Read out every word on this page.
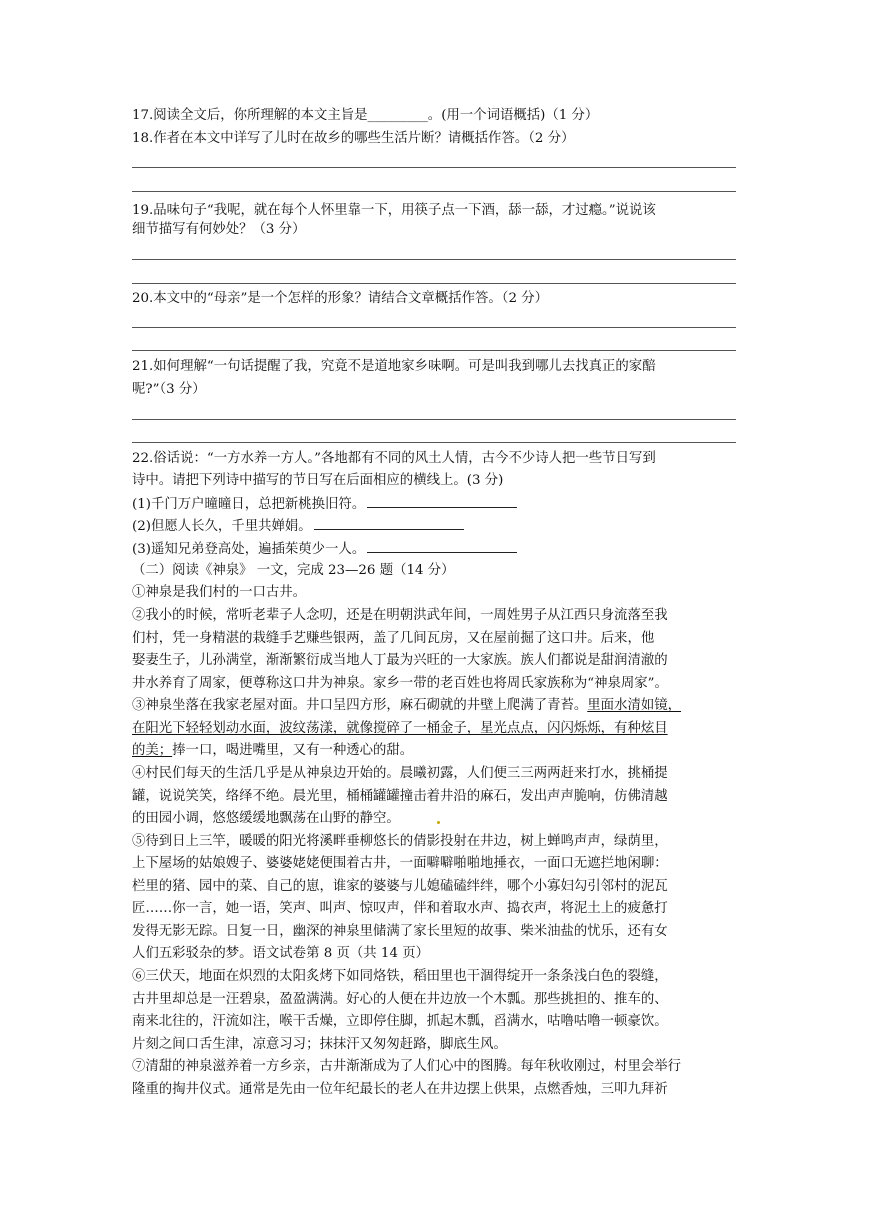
17.阅读全文后，你所理解的本文主旨是_________。(用一个词语概括)（1 分）
18.作者在本文中详写了儿时在故乡的哪些生活片断？请概括作答。（2 分）
19.品味句子“我呢，就在每个人怀里靠一下，用筷子点一下酒，舔一舔，才过瘾。”说说该
细节描写有何妙处？（3 分）
20.本文中的“母亲”是一个怎样的形象？请结合文章概括作答。（2 分）
21.如何理解“一句话提醒了我，究竟不是道地家乡味啊。可是叫我到哪儿去找真正的家醅
呢?”（3 分）
22.俗话说：“一方水养一方人。”各地都有不同的风土人情，古今不少诗人把一些节日写到
诗中。请把下列诗中描写的节日写在后面相应的横线上。(3 分)
(1)千门万户曈曈日，总把新桃换旧符。
(2)但愿人长久，千里共婵娟。
(3)遥知兄弟登高处，遍插茱萸少一人。
（二）阅读《神泉》 一文，完成 23—26 题（14 分）
①神泉是我们村的一口古井。
②我小的时候，常听老辈子人念叨，还是在明朝洪武年间，一周姓男子从江西只身流落至我
们村，凭一身精湛的栽缝手艺赚些银两，盖了几间瓦房，又在屋前掘了这口井。后来，他
娶妻生子，儿孙满堂，渐渐繁衍成当地人丁最为兴旺的一大家族。族人们都说是甜润清澈的
井水养育了周家，便尊称这口井为神泉。家乡一带的老百姓也将周氏家族称为“神泉周家”。
③神泉坐落在我家老屋对面。井口呈四方形，麻石砌就的井壁上爬满了青苔。里面水清如镜，
在阳光下轻轻划动水面，波纹荡漾，就像搅碎了一桶金子，星光点点，闪闪烁烁，有种炫目
的美；捧一口，喝进嘴里，又有一种透心的甜。
④村民们每天的生活几乎是从神泉边开始的。晨曦初露，人们便三三两两赶来打水，挑桶提
罐，说说笑笑，络绎不绝。晨光里，桶桶罐罐撞击着井沿的麻石，发出声声脆响，仿佛清越
的田园小调，悠悠缓缓地飘荡在山野的静空。
⑤待到日上三竿，暖暖的阳光将溪畔垂柳悠长的倩影投射在井边，树上蝉鸣声声，绿荫里，
上下屋场的姑娘嫂子、婆婆姥姥便围着古井，一面噼噼啪啪地捶衣，一面口无遮拦地闲聊：
栏里的猪、园中的菜、自己的崽，谁家的婆婆与儿媳磕磕绊绊，哪个小寡妇勾引邻村的泥瓦
匠……你一言，她一语，笑声、叫声、惊叹声，伴和着取水声、捣衣声，将泥土上的疲惫打
发得无影无踪。日复一日，幽深的神泉里储满了家长里短的故事、柴米油盐的忧乐，还有女
人们五彩驳杂的梦。语文试卷第 8 页（共 14 页）
⑥三伏天，地面在炽烈的太阳炙烤下如同烙铁，稻田里也干涸得绽开一条条浅白色的裂缝，
古井里却总是一汪碧泉，盈盈满满。好心的人便在井边放一个木瓢。那些挑担的、推车的、
南来北往的，汗流如注，喉干舌燥，立即停住脚，抓起木瓢，舀满水，咕噜咕噜一顿豪饮。
片刻之间口舌生津，凉意习习；抹抹汗又匆匆赶路，脚底生风。
⑦清甜的神泉滋养着一方乡亲，古井渐渐成为了人们心中的图腾。每年秋收刚过，村里会举行
隆重的掏井仪式。通常是先由一位年纪最长的老人在井边摆上供果，点燃香烛，三叩九拜祈
